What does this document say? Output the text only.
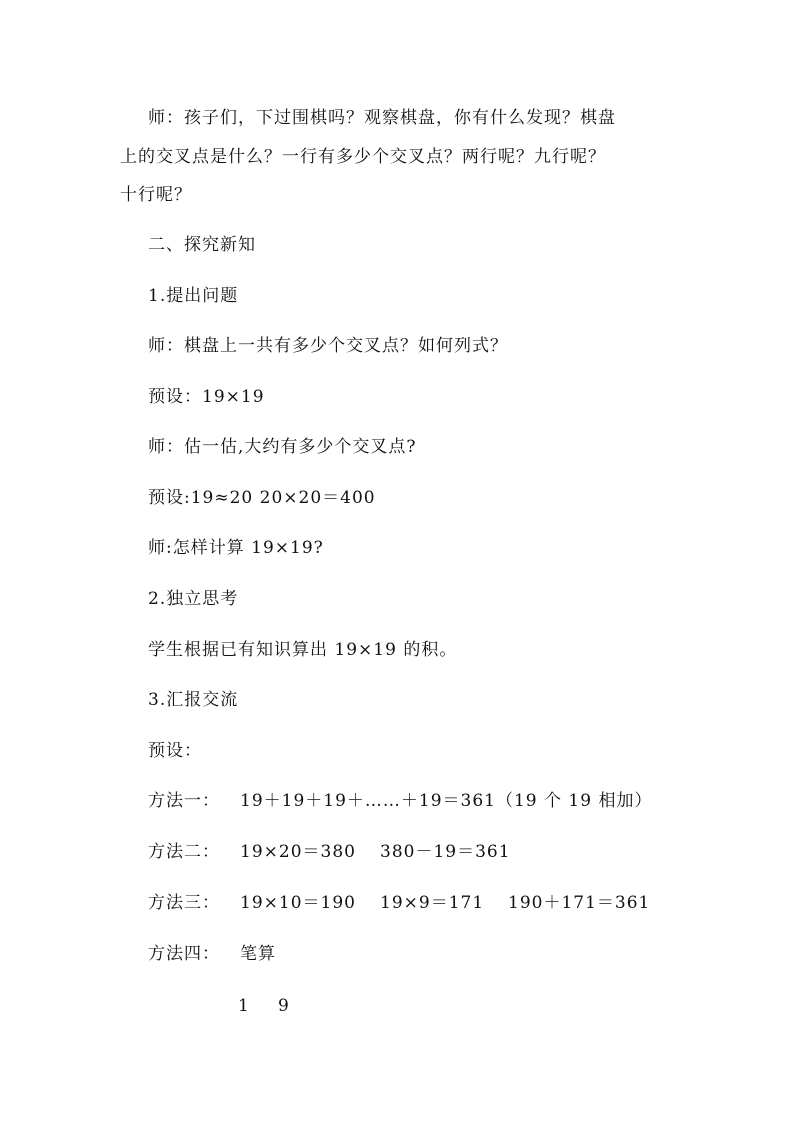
师：孩子们，下过围棋吗？观察棋盘，你有什么发现？棋盘
上的交叉点是什么？一行有多少个交叉点？两行呢？九行呢？
十行呢？
二、探究新知
1.提出问题
师：棋盘上一共有多少个交叉点？如何列式？
预设：19×19
师：估一估,大约有多少个交叉点?
预设:19≈20 20×20＝400
师:怎样计算 19×19?
2.独立思考
学生根据已有知识算出 19×19 的积。
3.汇报交流
预设：
方法一： 19＋19＋19＋……＋19＝361（19 个 19 相加）
方法二： 19×20＝380 380－19＝361
方法三： 19×10＝190 19×9＝171 190＋171＝361
方法四： 笔算
1 9
